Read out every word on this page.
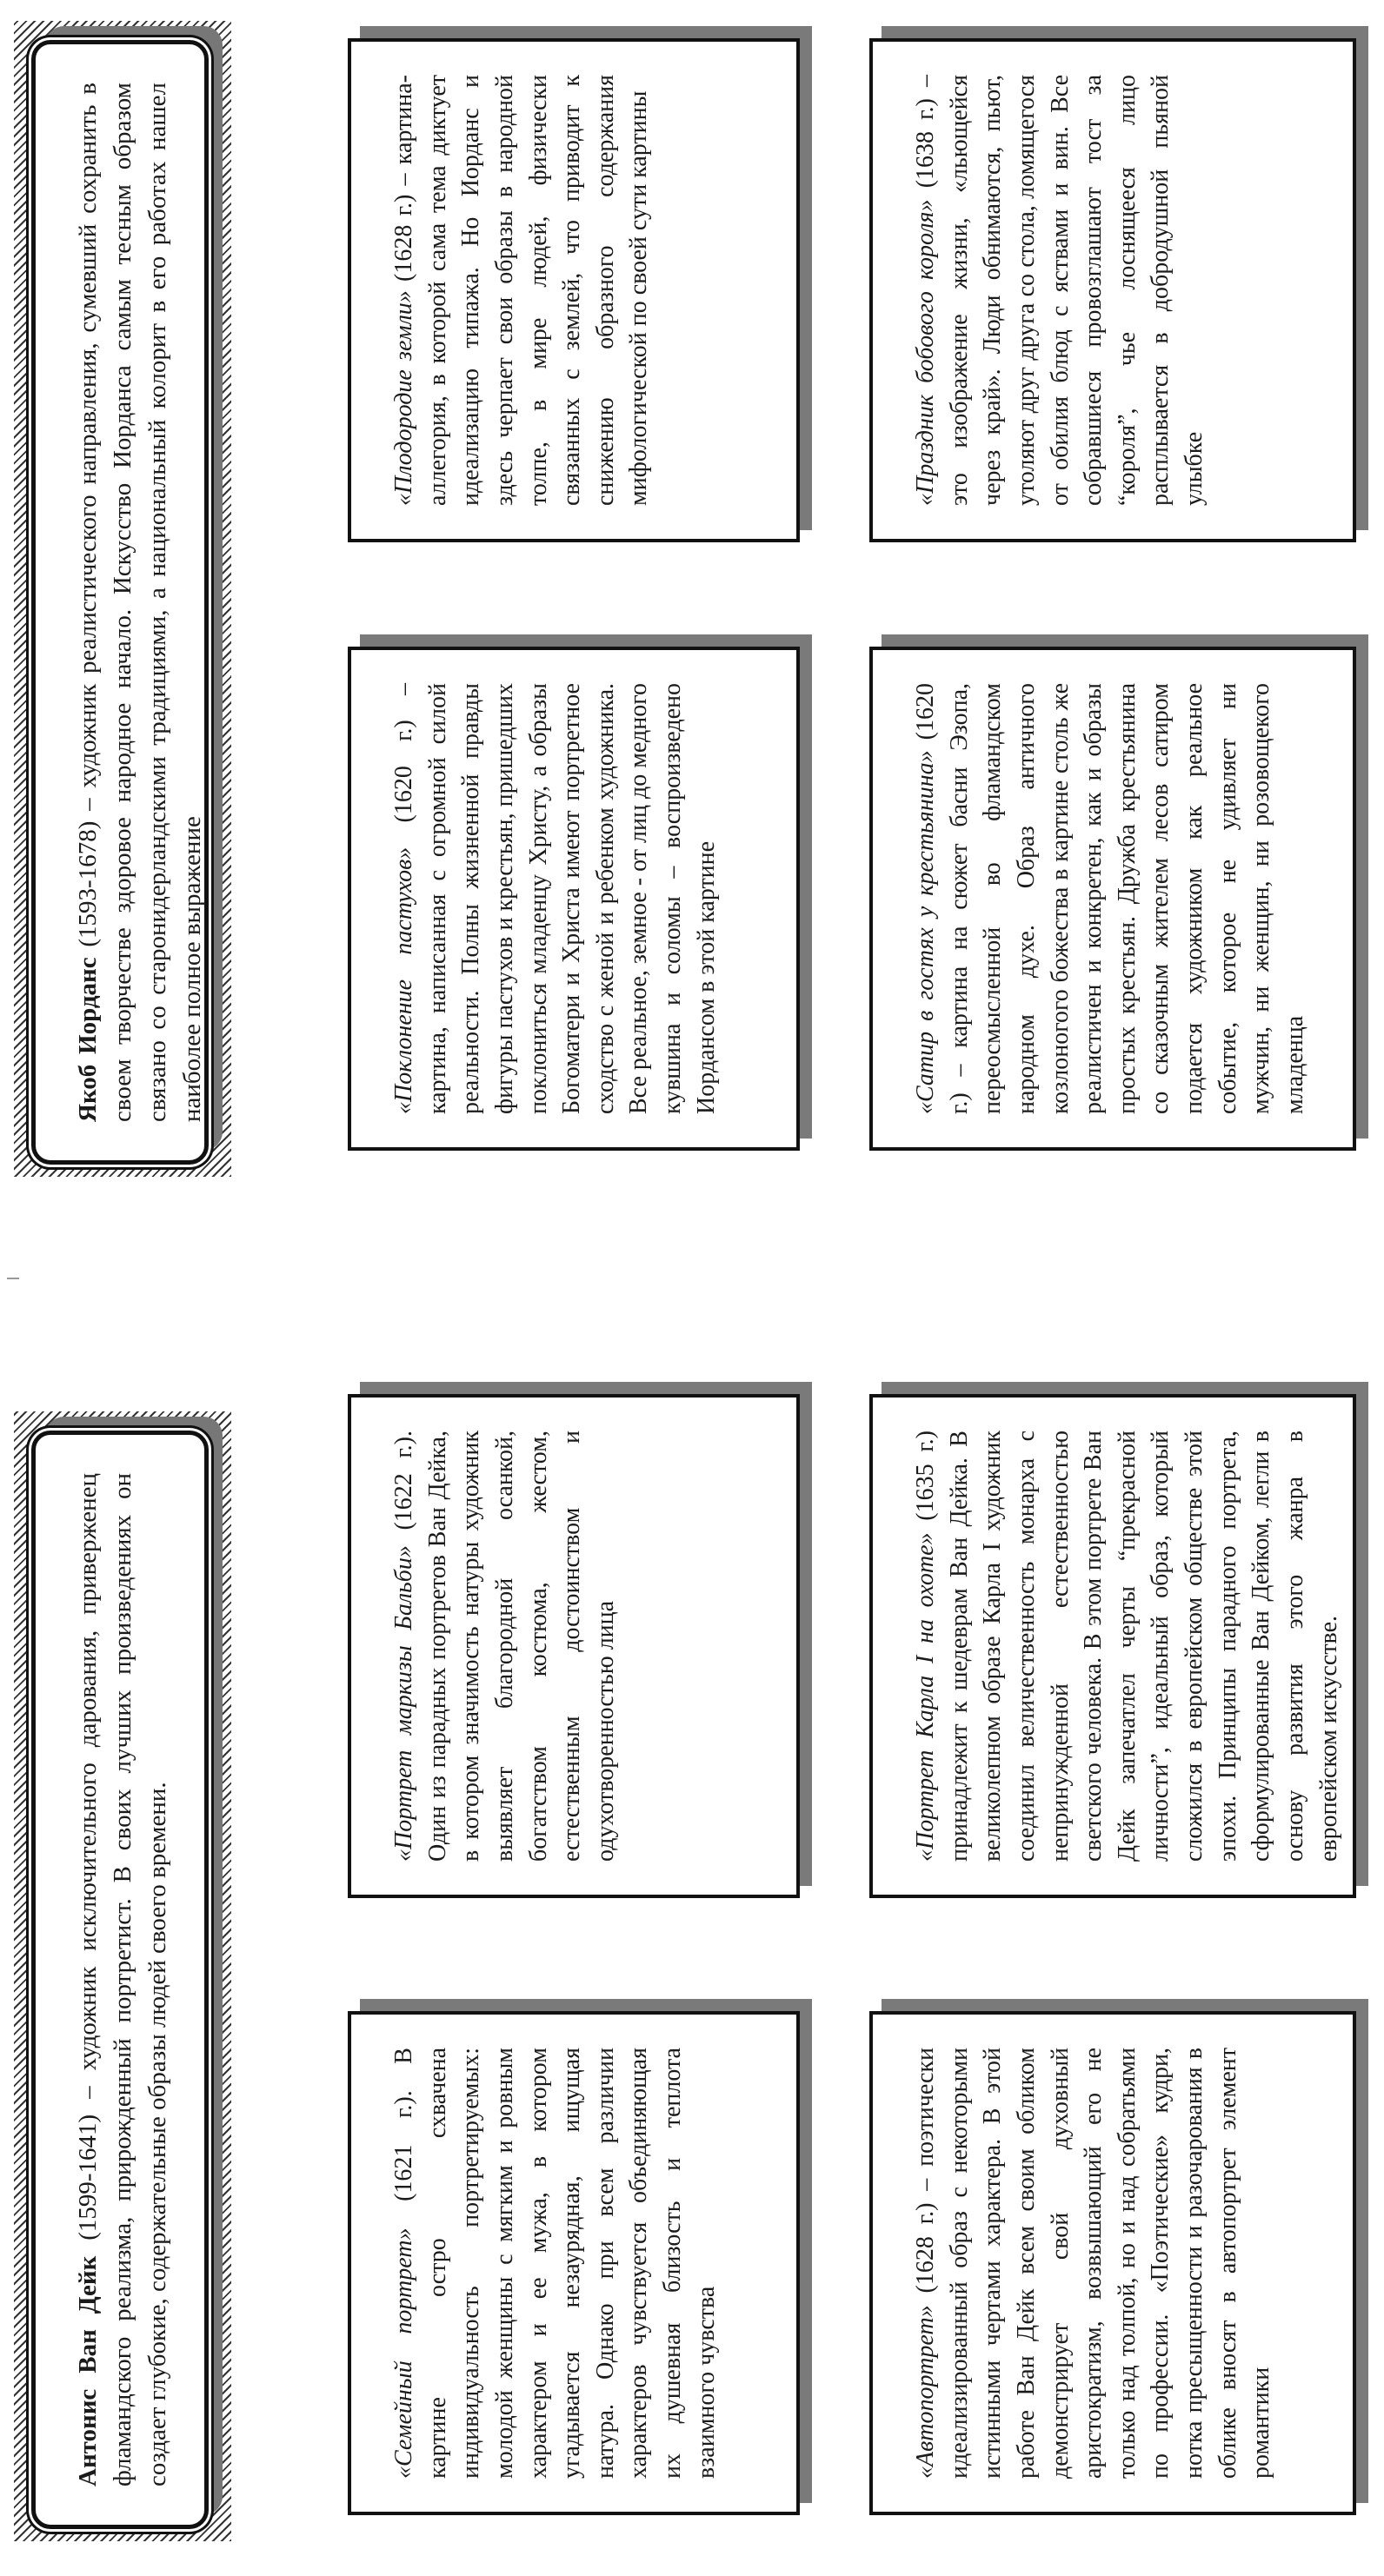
Антонис Ван Дейк (1599-1641) – художник исключительного дарования, приверженец фламандского реализма, прирожденный портретист. В своих лучших произведениях он создает глубокие, содержательные образы людей своего времени.	«Семейный портрет» (1621 г.). В картине остро схвачена индивидуальность портретируемых: молодой женщины с мягким и ровным характером и ее мужа, в котором угадывается незаурядная, ищущая натура. Однако при всем различии характеров чувствуется объединяющая их душевная близость и теплота взаимного чувства
«Портрет маркизы Бальби» (1622 г.). Один из парадных портретов Ван Дейка, в котором значимость натуры художник выявляет благородной осанкой, богатством костюма, жестом, естественным достоинством и одухотворенностью лица
«Автопортрет» (1628 г.) – поэтически идеализированный образ с некоторыми истинными чертами характера. В этой работе Ван Дейк всем своим обликом демонстрирует свой духовный аристократизм, возвышающий его не только над толпой, но и над собратьями по профессии. «Поэтические» кудри, нотка пресыщенности и разочарования в облике вносят в автопортрет элемент романтики
«Портрет Карла I на охоте» (1635 г.) принадлежит к шедеврам Ван Дейка. В великолепном образе Карла I художник соединил величественность монарха с непринужденной естественностью светского человека. В этом портрете Ван Дейк запечатлел черты “прекрасной личности”, идеальный образ, который сложился в европейском обществе этой эпохи. Принципы парадного портрета, сформулированные Ван Дейком, легли в основу развития этого жанра в европейском искусстве.
Якоб Иорданс (1593-1678) – художник реалистического направления, сумевший сохранить в своем творчестве здоровое народное начало. Искусство Иорданса самым тесным образом связано со старонидерландскими традициями, а национальный колорит в его работах нашел наиболее полное выражение	«Поклонение пастухов» (1620 г.) – картина, написанная с огромной силой реальности. Полны жизненной правды фигуры пастухов и крестьян, пришедших поклониться младенцу Христу, а образы Богоматери и Христа имеют портретное сходство с женой и ребенком художника. Все реальное, земное - от лиц до медного кувшина и соломы – воспроизведено Иордансом в этой картине
«Плодородие земли» (1628 г.) – картина-аллегория, в которой сама тема диктует идеализацию типажа. Но Иорданс и здесь черпает свои образы в народной толпе, в мире людей, физически связанных с землей, что приводит к снижению образного содержания мифологической по своей сути картины
«Сатир в гостях у крестьянина» (1620 г.) – картина на сюжет басни Эзопа, переосмысленной во фламандском народном духе. Образ античного козлоногого божества в картине столь же реалистичен и конкретен, как и образы простых крестьян. Дружба крестьянина со сказочным жителем лесов сатиром подается художником как реальное событие, которое не удивляет ни мужчин, ни женщин, ни розовощекого младенца
«Праздник бобового короля» (1638 г.) – это изображение жизни, «льющейся через край». Люди обнимаются, пьют, утоляют друг друга со стола, ломящегося от обилия блюд с яствами и вин. Все собравшиеся провозглашают тост за “короля”, чье лоснящееся лицо расплывается в добродушной пьяной улыбке
